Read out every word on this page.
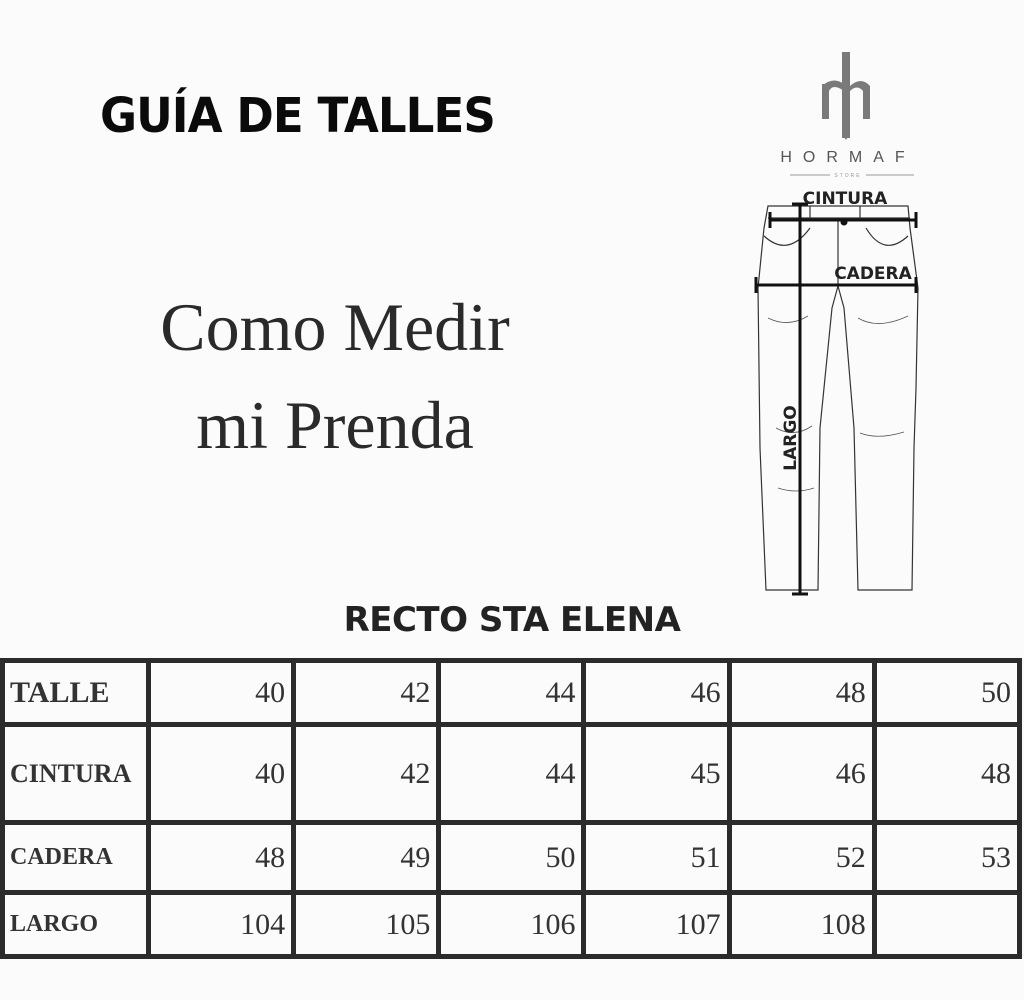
GUÍA DE TALLES
Como Medir
mi Prenda
HORMAF
STORE
CINTURA
CADERA
LARGO
RECTO STA ELENA
TALLE	40	42	44	46	48	50
CINTURA	40	42	44	45	46	48
CADERA	48	49	50	51	52	53
LARGO	104	105	106	107	108	
